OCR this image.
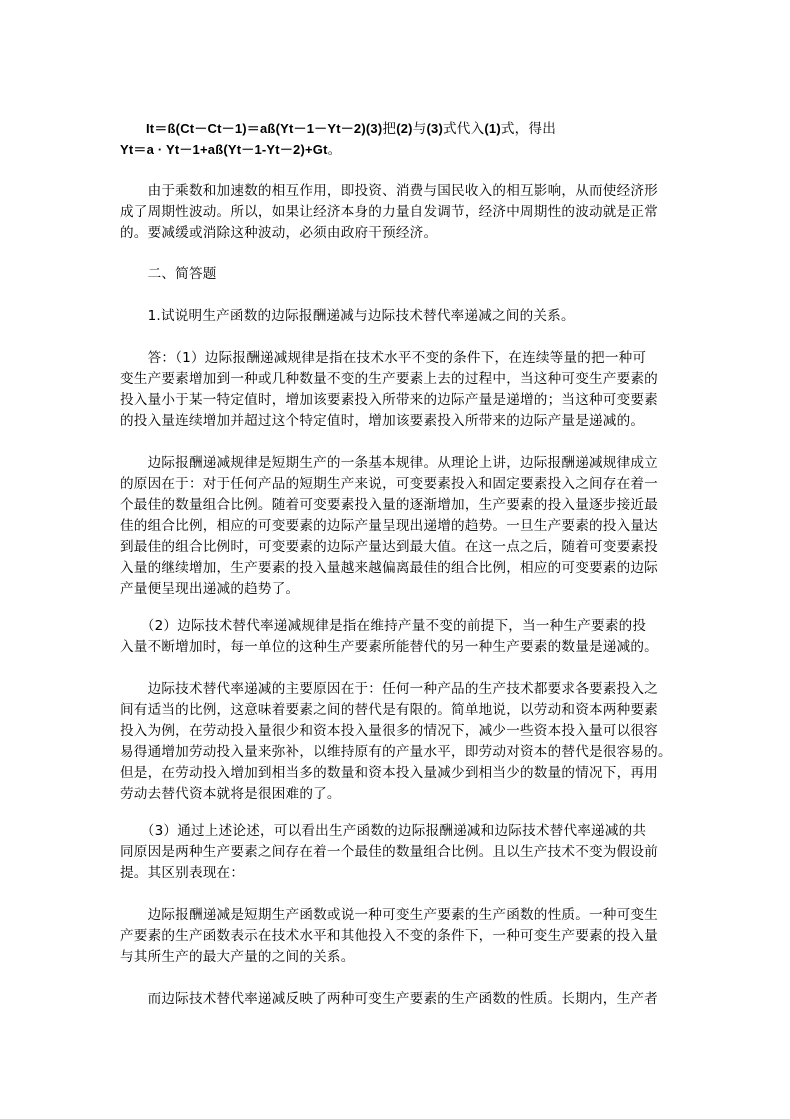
It＝ß(Ct－Ct－1)＝aß(Yt－1－Yt－2)(3)把(2)与(3)式代入(1)式，得出
Yt＝a · Yt－1+aß(Yt－1-Yt－2)+Gt。
　　由于乘数和加速数的相互作用，即投资、消费与国民收入的相互影响，从而使经济形
成了周期性波动。所以，如果让经济本身的力量自发调节，经济中周期性的波动就是正常
的。要减缓或消除这种波动，必须由政府干预经济。
　　二、简答题
　　1.试说明生产函数的边际报酬递减与边际技术替代率递减之间的关系。
　　答：（1）边际报酬递减规律是指在技术水平不变的条件下，在连续等量的把一种可
变生产要素增加到一种或几种数量不变的生产要素上去的过程中，当这种可变生产要素的
投入量小于某一特定值时，增加该要素投入所带来的边际产量是递增的；当这种可变要素
的投入量连续增加并超过这个特定值时，增加该要素投入所带来的边际产量是递减的。
　　边际报酬递减规律是短期生产的一条基本规律。从理论上讲，边际报酬递减规律成立
的原因在于：对于任何产品的短期生产来说，可变要素投入和固定要素投入之间存在着一
个最佳的数量组合比例。随着可变要素投入量的逐渐增加，生产要素的投入量逐步接近最
佳的组合比例，相应的可变要素的边际产量呈现出递增的趋势。一旦生产要素的投入量达
到最佳的组合比例时，可变要素的边际产量达到最大值。在这一点之后，随着可变要素投
入量的继续增加，生产要素的投入量越来越偏离最佳的组合比例，相应的可变要素的边际
产量便呈现出递减的趋势了。
　　（2）边际技术替代率递减规律是指在维持产量不变的前提下，当一种生产要素的投
入量不断增加时，每一单位的这种生产要素所能替代的另一种生产要素的数量是递减的。
　　边际技术替代率递减的主要原因在于：任何一种产品的生产技术都要求各要素投入之
间有适当的比例，这意味着要素之间的替代是有限的。简单地说，以劳动和资本两种要素
投入为例，在劳动投入量很少和资本投入量很多的情况下，减少一些资本投入量可以很容
易得通增加劳动投入量来弥补，以维持原有的产量水平，即劳动对资本的替代是很容易的。
但是，在劳动投入增加到相当多的数量和资本投入量减少到相当少的数量的情况下，再用
劳动去替代资本就将是很困难的了。
　　（3）通过上述论述，可以看出生产函数的边际报酬递减和边际技术替代率递减的共
同原因是两种生产要素之间存在着一个最佳的数量组合比例。且以生产技术不变为假设前
提。其区别表现在：
　　边际报酬递减是短期生产函数或说一种可变生产要素的生产函数的性质。一种可变生
产要素的生产函数表示在技术水平和其他投入不变的条件下，一种可变生产要素的投入量
与其所生产的最大产量的之间的关系。
　　而边际技术替代率递减反映了两种可变生产要素的生产函数的性质。长期内，生产者
